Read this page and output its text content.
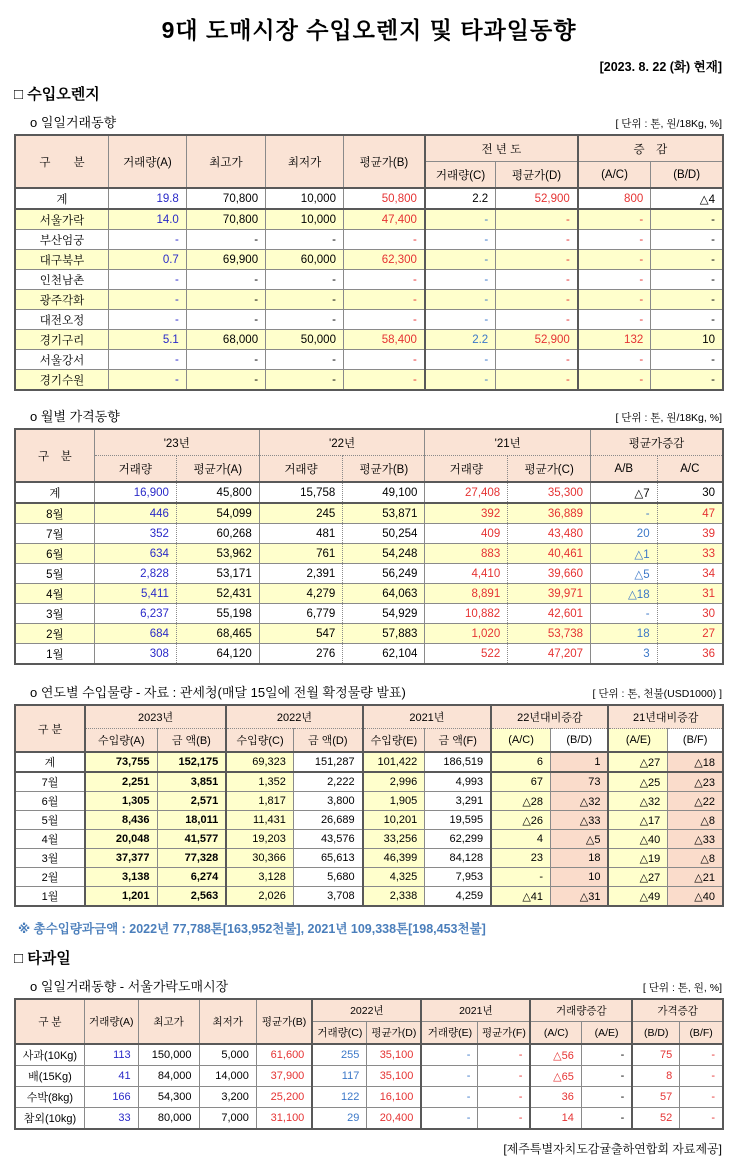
9대 도매시장 수입오렌지 및 타과일동향
[2023. 8. 22 (화) 현재]
□ 수입오렌지
o 일일거래동향	[ 단위 : 톤, 원/18Kg, %]
구  분	거래량(A)	최고가	최저가	평균가(B)	전 년 도		증 감	
					거래량(C)	평균가(D)	(A/C)	(B/D)
계	19.8	70,800	10,000	50,800	2.2	52,900	800	△4
서울가락	14.0	70,800	10,000	47,400	-	-	-	-
부산엄궁	-	-	-	-	-	-	-	-
대구북부	0.7	69,900	60,000	62,300	-	-	-	-
인천남촌	-	-	-	-	-	-	-	-
광주각화	-	-	-	-	-	-	-	-
대전오정	-	-	-	-	-	-	-	-
경기구리	5.1	68,000	50,000	58,400	2.2	52,900	132	10
서울강서	-	-	-	-	-	-	-	-
경기수원	-	-	-	-	-	-	-	-
o 월별 가격동향	[ 단위 : 톤, 원/18Kg, %]
구 분	'23년		'22년		'21년		평균가증감	
	거래량	평균가(A)	거래량	평균가(B)	거래량	평균가(C)	A/B	A/C
계	16,900	45,800	15,758	49,100	27,408	35,300	△7	30
8월	446	54,099	245	53,871	392	36,889	-	47
7월	352	60,268	481	50,254	409	43,480	20	39
6월	634	53,962	761	54,248	883	40,461	△1	33
5월	2,828	53,171	2,391	56,249	4,410	39,660	△5	34
4월	5,411	52,431	4,279	64,063	8,891	39,971	△18	31
3월	6,237	55,198	6,779	54,929	10,882	42,601	-	30
2월	684	68,465	547	57,883	1,020	53,738	18	27
1월	308	64,120	276	62,104	522	47,207	3	36
o 연도별 수입물량 - 자료 : 관세청(매달 15일에 전월 확정물량 발표)	[ 단위 : 톤, 천불(USD1000) ]
구 분	2023년		2022년		2021년		22년대비증감		21년대비증감	
	수입량(A)	금 액(B)	수입량(C)	금 액(D)	수입량(E)	금 액(F)	(A/C)	(B/D)	(A/E)	(B/F)
계	73,755	152,175	69,323	151,287	101,422	186,519	6	1	△27	△18
7월	2,251	3,851	1,352	2,222	2,996	4,993	67	73	△25	△23
6월	1,305	2,571	1,817	3,800	1,905	3,291	△28	△32	△32	△22
5월	8,436	18,011	11,431	26,689	10,201	19,595	△26	△33	△17	△8
4월	20,048	41,577	19,203	43,576	33,256	62,299	4	△5	△40	△33
3월	37,377	77,328	30,366	65,613	46,399	84,128	23	18	△19	△8
2월	3,138	6,274	3,128	5,680	4,325	7,953	-	10	△27	△21
1월	1,201	2,563	2,026	3,708	2,338	4,259	△41	△31	△49	△40
※ 총수입량과금액 : 2022년 77,788톤[163,952천불], 2021년 109,338톤[198,453천불]
□ 타과일
o 일일거래동향 - 서울가락도매시장	[ 단위 : 톤, 원, %]
구 분	거래량(A)	최고가	최저가	평균가(B)	2022년		2021년		거래량증감		가격증감	
					거래량(C)	평균가(D)	거래량(E)	평균가(F)	(A/C)	(A/E)	(B/D)	(B/F)
사과(10Kg)	113	150,000	5,000	61,600	255	35,100	-	-	△56	-	75	-
배(15Kg)	41	84,000	14,000	37,900	117	35,100	-	-	△65	-	8	-
수박(8kg)	166	54,300	3,200	25,200	122	16,100	-	-	36	-	57	-
참외(10kg)	33	80,000	7,000	31,100	29	20,400	-	-	14	-	52	-
[제주특별자치도감귤출하연합회 자료제공]
